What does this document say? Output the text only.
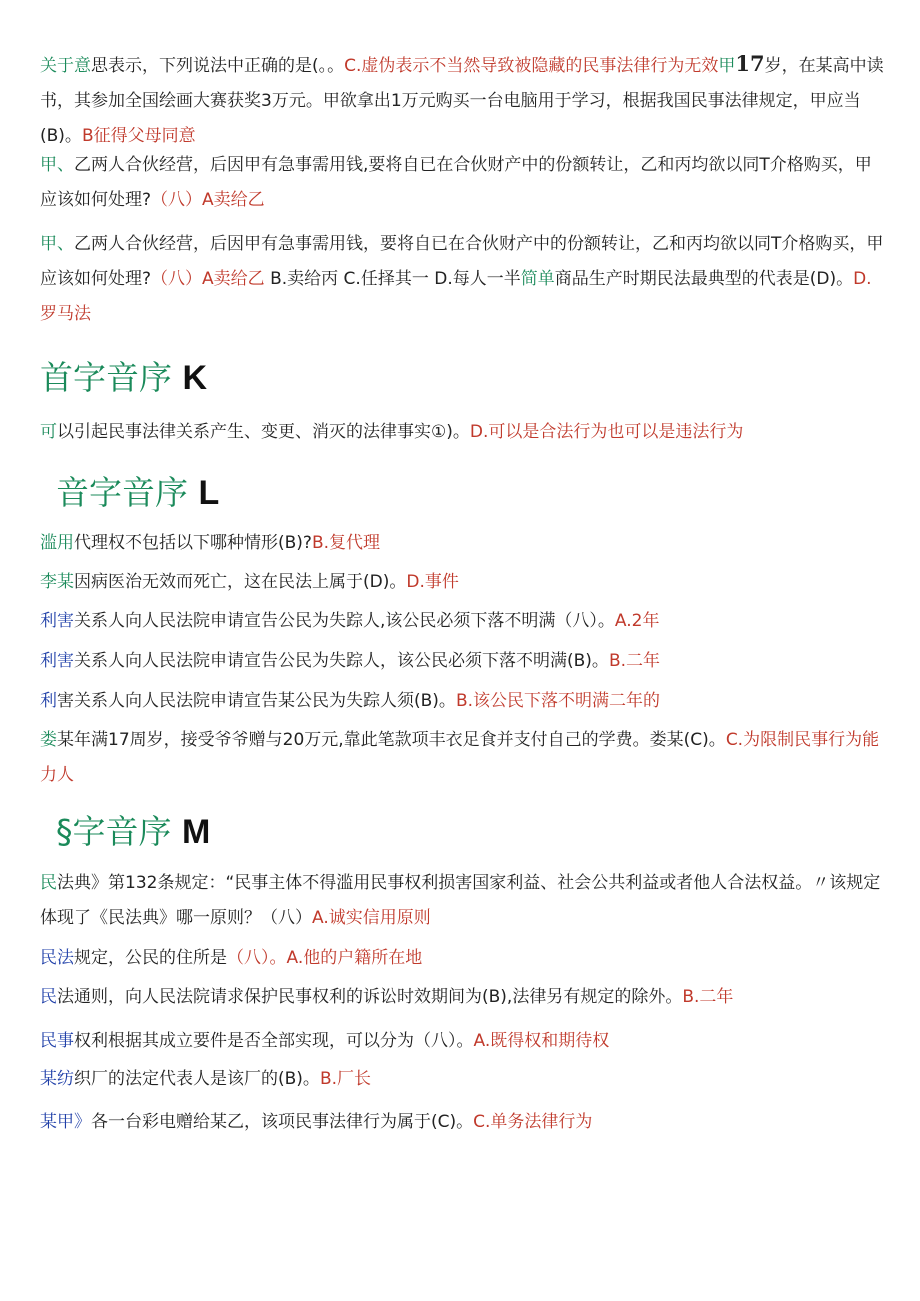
关于意思表示，下列说法中正确的是(。。C.虚伪表示不当然导致被隐藏的民事法律行为无效甲17岁，在某高中读书，其参加全国绘画大赛获奖3万元。甲欲拿出1万元购买一台电脑用于学习，根据我国民事法律规定，甲应当(B)。B征得父母同意

甲、乙两人合伙经营，后因甲有急事需用钱,要将自已在合伙财产中的份额转让，乙和丙均欲以同T介格购买，甲应该如何处理?（八）A卖给乙

甲、乙两人合伙经营，后因甲有急事需用钱，要将自已在合伙财产中的份额转让，乙和丙均欲以同T介格购买，甲应该如何处理?（八）A卖给乙 B.卖给丙 C.任择其一 D.每人一半简单商品生产时期民法最典型的代表是(D)。D.罗马法

首字音序 K

可以引起民事法律关系产生、变更、消灭的法律事实①)。D.可以是合法行为也可以是违法行为

音字音序 L

滥用代理权不包括以下哪种情形(B)?B.复代理

李某因病医治无效而死亡，这在民法上属于(D)。D.事件

利害关系人向人民法院申请宣告公民为失踪人,该公民必须下落不明满（八）。A.2年

利害关系人向人民法院申请宣告公民为失踪人，该公民必须下落不明满(B)。B.二年

利害关系人向人民法院申请宣告某公民为失踪人须(B)。B.该公民下落不明满二年的

娄某年满17周岁，接受爷爷赠与20万元,靠此笔款项丰衣足食并支付自己的学费。娄某(C)。C.为限制民事行为能力人

§字音序 M

民法典》第132条规定：“民事主体不得滥用民事权利损害国家利益、社会公共利益或者他人合法权益。〃该规定体现了《民法典》哪一原则？（八）A.诚实信用原则

民法规定，公民的住所是（八）。A.他的户籍所在地

民法通则，向人民法院请求保护民事权利的诉讼时效期间为(B),法律另有规定的除外。B.二年

民事权利根据其成立要件是否全部实现，可以分为（八）。A.既得权和期待权

某纺织厂的法定代表人是该厂的(B)。B.厂长

某甲》各一台彩电赠给某乙，该项民事法律行为属于(C)。C.单务法律行为
